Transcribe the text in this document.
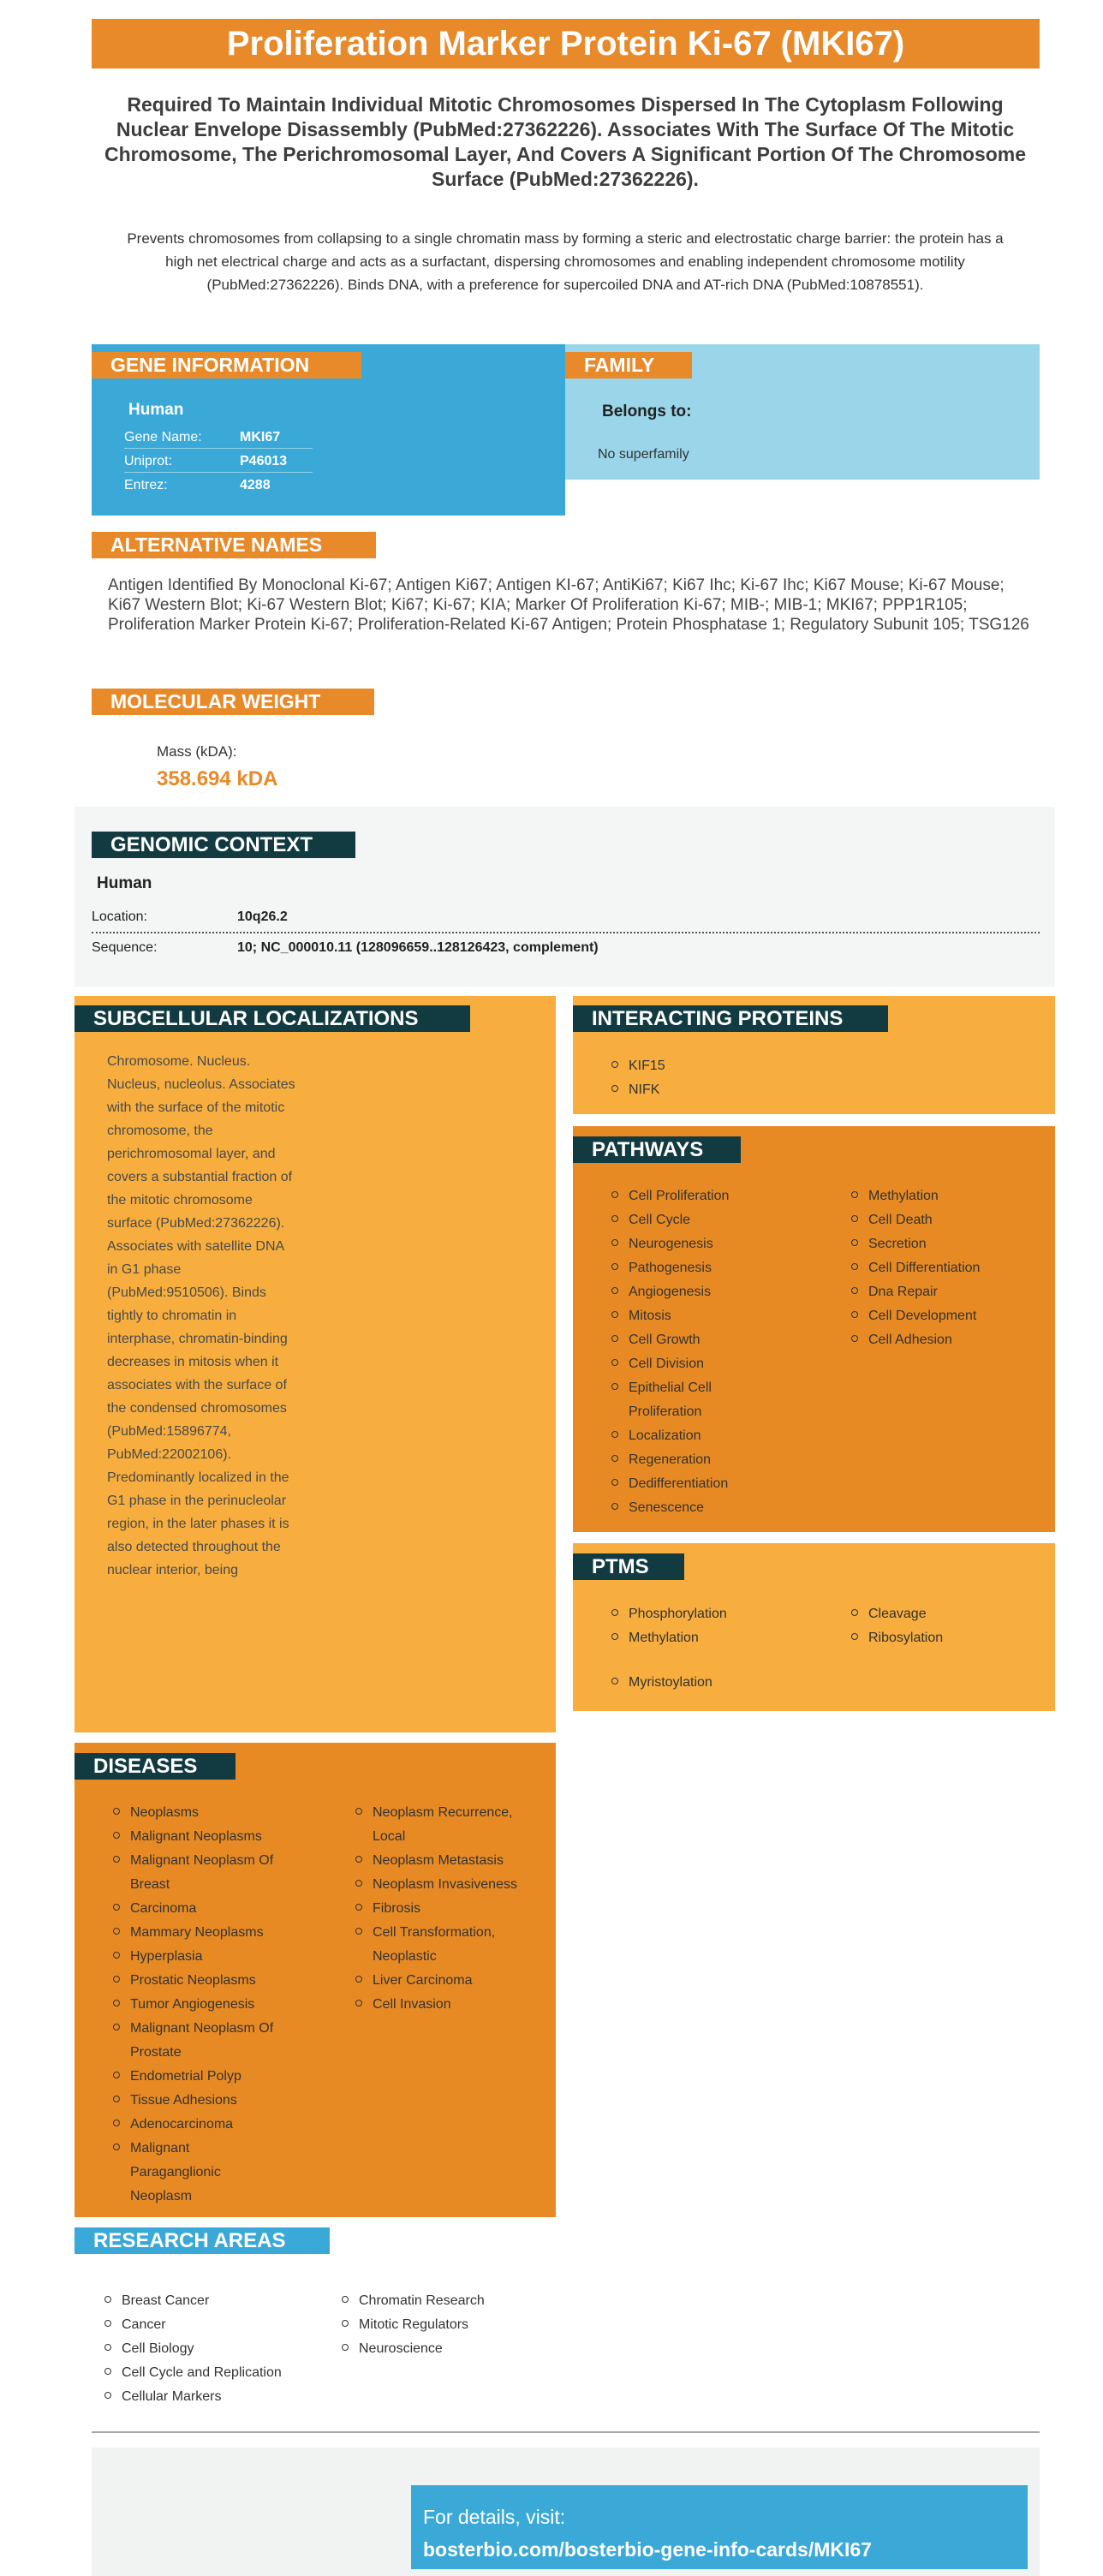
Proliferation Marker Protein Ki-67 (MKI67)
Required To Maintain Individual Mitotic Chromosomes Dispersed In The Cytoplasm Following Nuclear Envelope Disassembly (PubMed:27362226). Associates With The Surface Of The Mitotic Chromosome, The Perichromosomal Layer, And Covers A Significant Portion Of The Chromosome Surface (PubMed:27362226).
Prevents chromosomes from collapsing to a single chromatin mass by forming a steric and electrostatic charge barrier: the protein has a high net electrical charge and acts as a surfactant, dispersing chromosomes and enabling independent chromosome motility (PubMed:27362226). Binds DNA, with a preference for supercoiled DNA and AT-rich DNA (PubMed:10878551).
GENE INFORMATION
Human
Gene Name:	MKI67
Uniprot:	P46013
Entrez:	4288
FAMILY
Belongs to:
No superfamily
ALTERNATIVE NAMES
Antigen Identified By Monoclonal Ki-67; Antigen Ki67; Antigen KI-67; AntiKi67; Ki67 Ihc; Ki-67 Ihc; Ki67 Mouse; Ki-67 Mouse; Ki67 Western Blot; Ki-67 Western Blot; Ki67; Ki-67; KIA; Marker Of Proliferation Ki-67; MIB-; MIB-1; MKI67; PPP1R105; Proliferation Marker Protein Ki-67; Proliferation-Related Ki-67 Antigen; Protein Phosphatase 1; Regulatory Subunit 105; TSG126
MOLECULAR WEIGHT
Mass (kDA):
358.694 kDA
GENOMIC CONTEXT
Human
Location:	10q26.2
Sequence:	10; NC_000010.11 (128096659..128126423, complement)
SUBCELLULAR LOCALIZATIONS
Chromosome. Nucleus. Nucleus, nucleolus. Associates with the surface of the mitotic chromosome, the perichromosomal layer, and covers a substantial fraction of the mitotic chromosome surface (PubMed:27362226). Associates with satellite DNA in G1 phase (PubMed:9510506). Binds tightly to chromatin in interphase, chromatin-binding decreases in mitosis when it associates with the surface of the condensed chromosomes (PubMed:15896774, PubMed:22002106). Predominantly localized in the G1 phase in the perinucleolar region, in the later phases it is also detected throughout the nuclear interior, being
INTERACTING PROTEINS
KIF15
NIFK
PATHWAYS
Cell Proliferation
Cell Cycle
Neurogenesis
Pathogenesis
Angiogenesis
Mitosis
Cell Growth
Cell Division
Epithelial Cell Proliferation
Localization
Regeneration
Dedifferentiation
Senescence
Methylation
Cell Death
Secretion
Cell Differentiation
Dna Repair
Cell Development
Cell Adhesion
PTMS
Phosphorylation
Methylation
Cleavage
Ribosylation
Myristoylation
DISEASES
Neoplasms
Malignant Neoplasms
Malignant Neoplasm Of Breast
Carcinoma
Mammary Neoplasms
Hyperplasia
Prostatic Neoplasms
Tumor Angiogenesis
Malignant Neoplasm Of Prostate
Endometrial Polyp
Tissue Adhesions
Adenocarcinoma
Malignant Paraganglionic Neoplasm
Neoplasm Recurrence, Local
Neoplasm Metastasis
Neoplasm Invasiveness
Fibrosis
Cell Transformation, Neoplastic
Liver Carcinoma
Cell Invasion
RESEARCH AREAS
Breast Cancer
Cancer
Cell Biology
Cell Cycle and Replication
Cellular Markers
Chromatin Research
Mitotic Regulators
Neuroscience
For details, visit:
bosterbio.com/bosterbio-gene-info-cards/MKI67
